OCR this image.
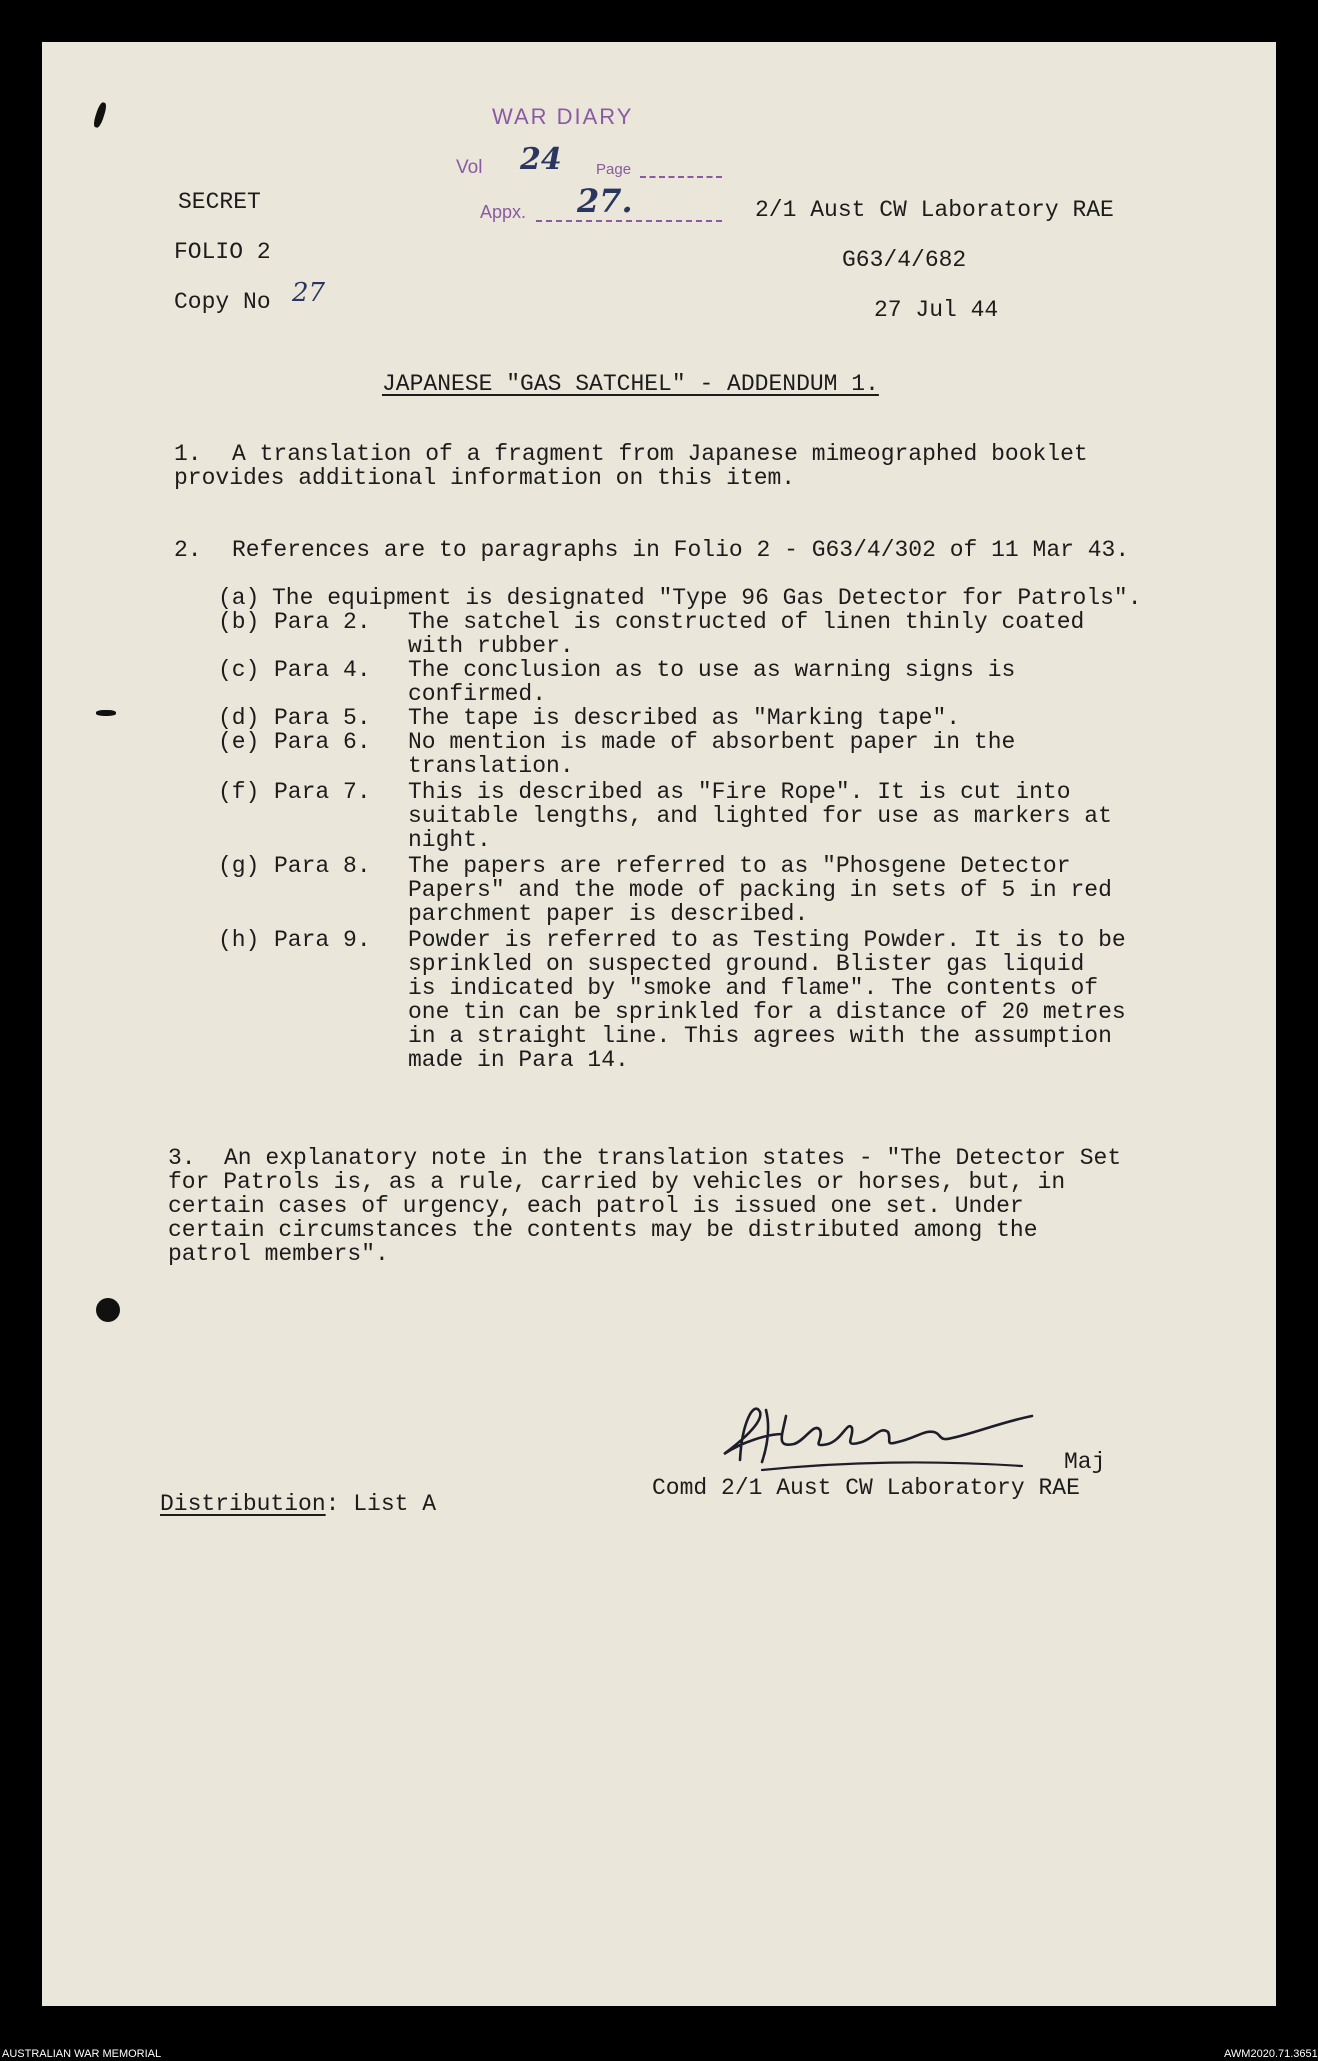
WAR DIARY
Vol 24 Page
Appx. 27.
SECRET
FOLIO 2
Copy No 27
2/1 Aust CW Laboratory RAE
G63/4/682
27 Jul 44
JAPANESE "GAS SATCHEL" - ADDENDUM 1.
1. A translation of a fragment from Japanese mimeographed booklet
provides additional information on this item.
2. References are to paragraphs in Folio 2 - G63/4/302 of 11 Mar 43.
(a) The equipment is designated "Type 96 Gas Detector for Patrols".
(b) Para 2. The satchel is constructed of linen thinly coated
with rubber.
(c) Para 4. The conclusion as to use as warning signs is
confirmed.
(d) Para 5. The tape is described as "Marking tape".
(e) Para 6. No mention is made of absorbent paper in the
translation.
(f) Para 7. This is described as "Fire Rope". It is cut into
suitable lengths, and lighted for use as markers at
night.
(g) Para 8. The papers are referred to as "Phosgene Detector
Papers" and the mode of packing in sets of 5 in red
parchment paper is described.
(h) Para 9. Powder is referred to as Testing Powder. It is to be
sprinkled on suspected ground. Blister gas liquid
is indicated by "smoke and flame". The contents of
one tin can be sprinkled for a distance of 20 metres
in a straight line. This agrees with the assumption
made in Para 14.
3. An explanatory note in the translation states - "The Detector Set
for Patrols is, as a rule, carried by vehicles or horses, but, in
certain cases of urgency, each patrol is issued one set. Under
certain circumstances the contents may be distributed among the
patrol members".
Maj
Comd 2/1 Aust CW Laboratory RAE
Distribution: List A
AUSTRALIAN WAR MEMORIAL	AWM2020.71.3651
